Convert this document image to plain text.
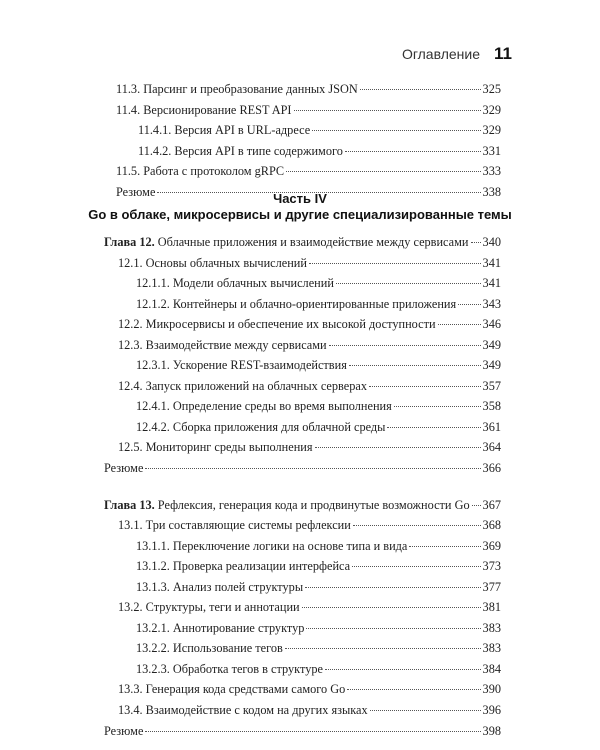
Оглавление 11
11.3. Парсинг и преобразование данных JSON	325
11.4. Версионирование REST API	329
11.4.1. Версия API в URL-адресе	329
11.4.2. Версия API в типе содержимого	331
11.5. Работа с протоколом gRPC	333
Резюме	338
Часть IV
Go в облаке, микросервисы и другие специализированные темы
Глава 12. Облачные приложения и взаимодействие между сервисами 340
12.1. Основы облачных вычислений	341
12.1.1. Модели облачных вычислений	341
12.1.2. Контейнеры и облачно-ориентированные приложения 343
12.2. Микросервисы и обеспечение их высокой доступности	346
12.3. Взаимодействие между сервисами	349
12.3.1. Ускорение REST-взаимодействия	349
12.4. Запуск приложений на облачных серверах	357
12.4.1. Определение среды во время выполнения	358
12.4.2. Сборка приложения для облачной среды	361
12.5. Мониторинг среды выполнения	364
Резюме	366
Глава 13. Рефлексия, генерация кода и продвинутые возможности Go 367
13.1. Три составляющие системы рефлексии	368
13.1.1. Переключение логики на основе типа и вида	369
13.1.2. Проверка реализации интерфейса	373
13.1.3. Анализ полей структуры	377
13.2. Структуры, теги и аннотации	381
13.2.1. Аннотирование структур	383
13.2.2. Использование тегов	383
13.2.3. Обработка тегов в структуре	384
13.3. Генерация кода средствами самого Go	390
13.4. Взаимодействие с кодом на других языках	396
Резюме	398
